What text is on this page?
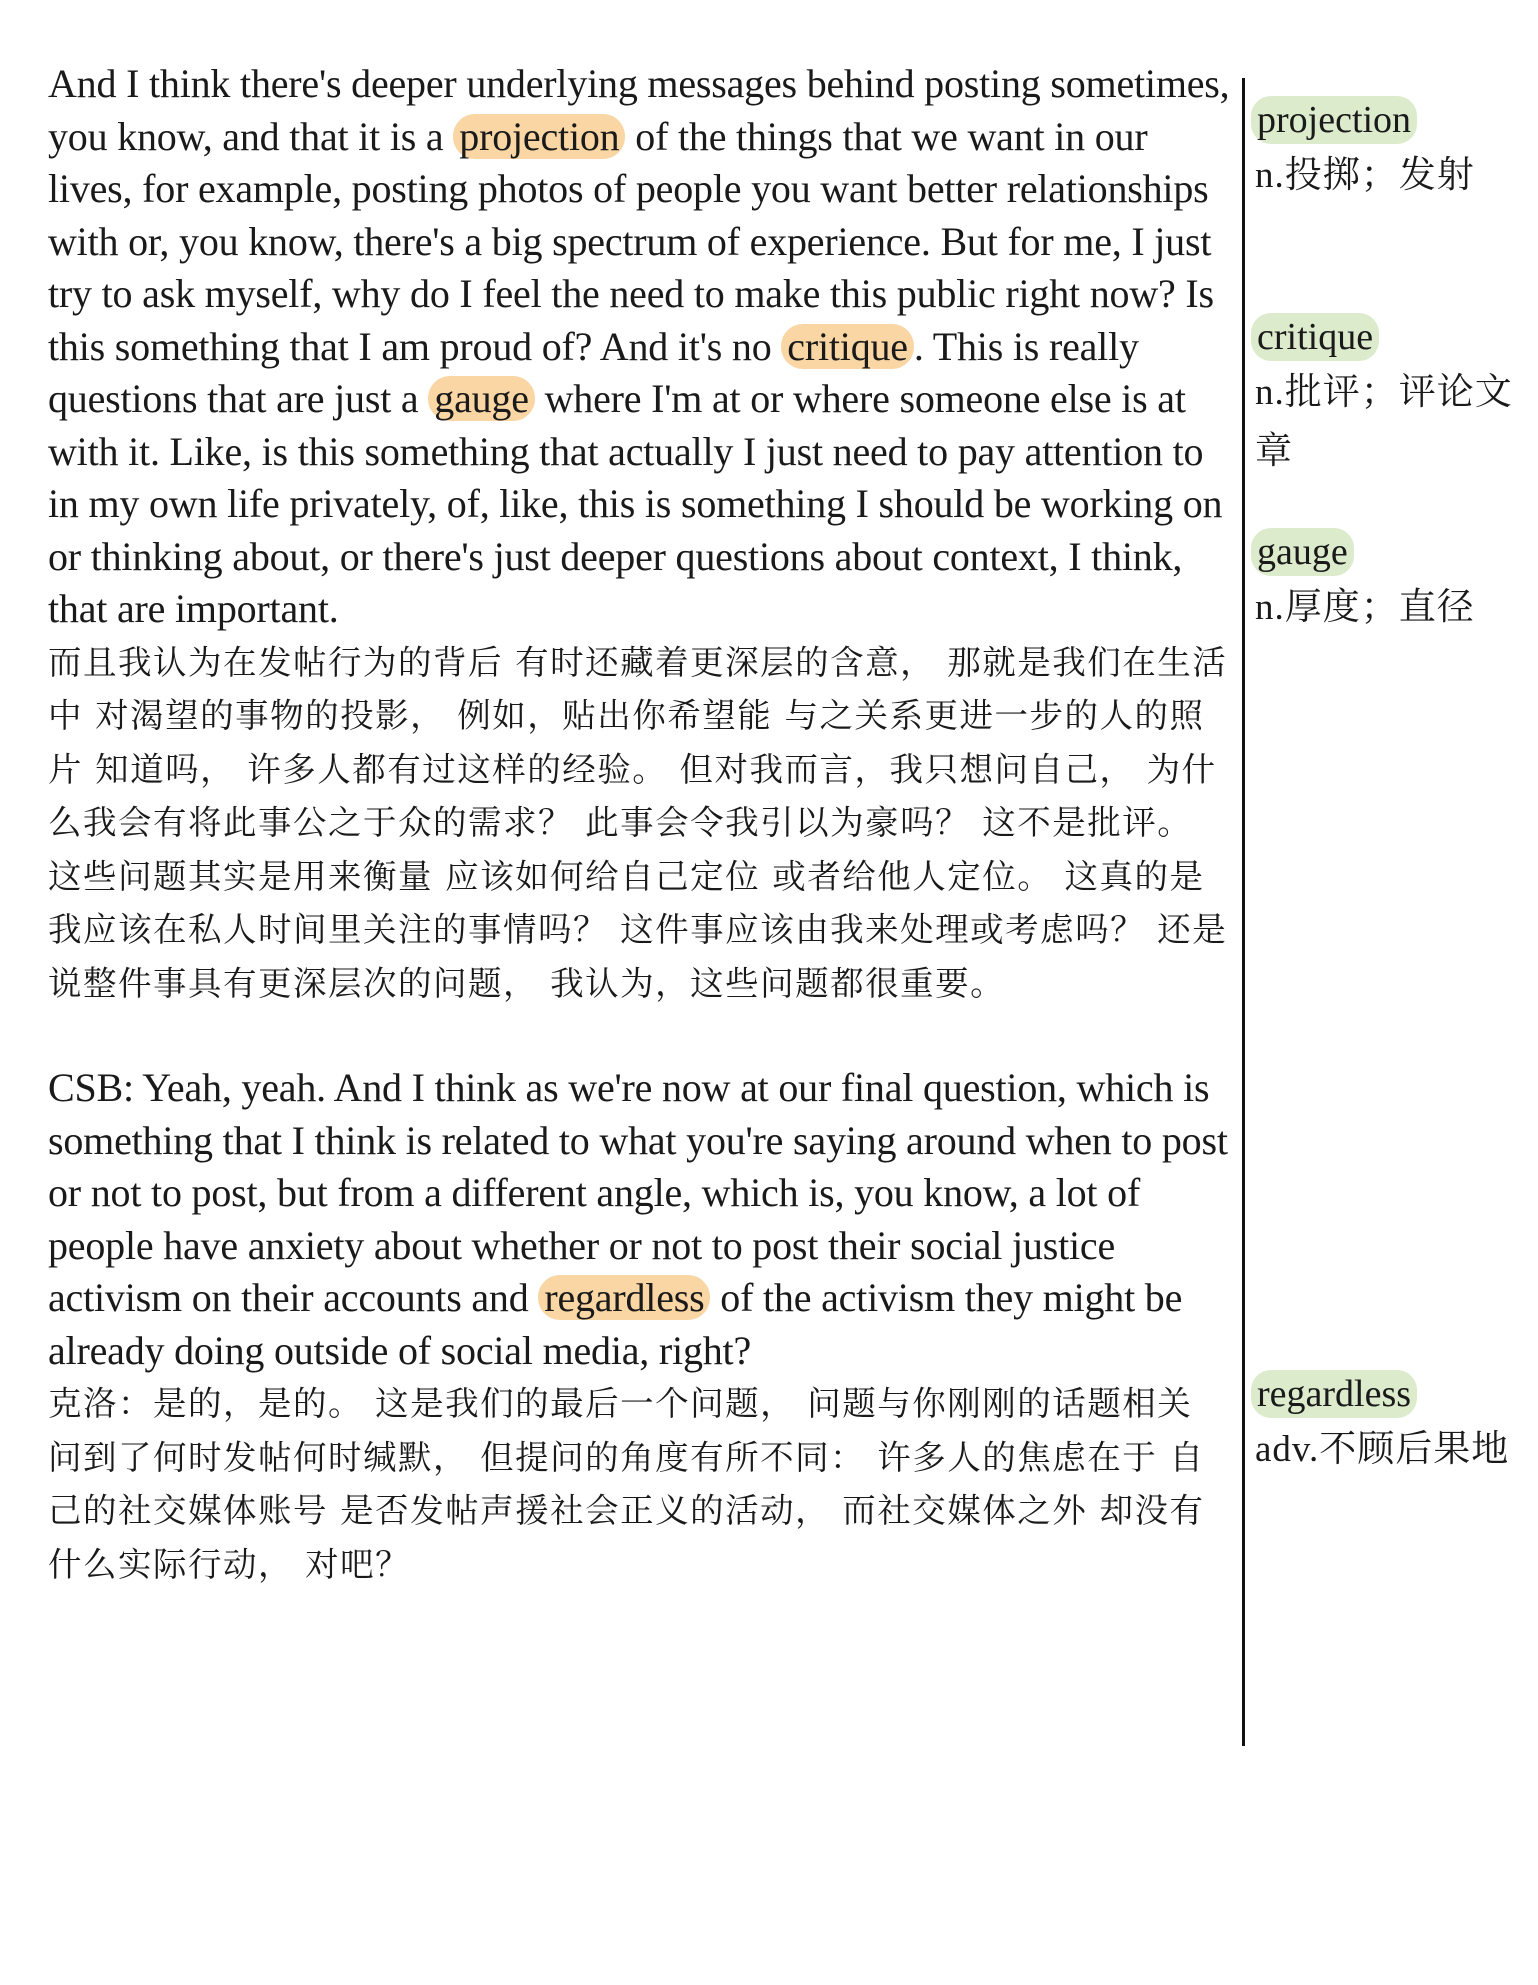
And I think there's deeper underlying messages behind posting sometimes, you know, and that it is a projection of the things that we want in our lives, for example, posting photos of people you want better relationships with or, you know, there's a big spectrum of experience. But for me, I just try to ask myself, why do I feel the need to make this public right now? Is this something that I am proud of? And it's no critique . This is really questions that are just a gauge where I'm at or where someone else is at with it. Like, is this something that actually I just need to pay attention to in my own life privately, of, like, this is something I should be working on or thinking about, or there's just deeper questions about context, I think, that are important.

而且我认为在发帖行为的背后 有时还藏着更深层的含意， 那就是我们在生活中 对渴望的事物的投影， 例如，贴出你希望能 与之关系更进一步的人的照片 知道吗， 许多人都有过这样的经验。 但对我而言，我只想问自己， 为什么我会有将此事公之于众的需求？ 此事会令我引以为豪吗？ 这不是批评。 这些问题其实是用来衡量 应该如何给自己定位 或者给他人定位。 这真的是 我应该在私人时间里关注的事情吗？ 这件事应该由我来处理或考虑吗？ 还是说整件事具有更深层次的问题， 我认为，这些问题都很重要。

CSB: Yeah, yeah. And I think as we're now at our final question, which is something that I think is related to what you're saying around when to post or not to post, but from a different angle, which is, you know, a lot of people have anxiety about whether or not to post their social justice activism on their accounts and regardless of the activism they might be already doing outside of social media, right?

克洛：是的，是的。 这是我们的最后一个问题， 问题与你刚刚的话题相关 问到了何时发帖何时缄默， 但提问的角度有所不同： 许多人的焦虑在于 自己的社交媒体账号 是否发帖声援社会正义的活动， 而社交媒体之外 却没有什么实际行动， 对吧？

projection
n.投掷；发射
critique
n.批评；评论文章
gauge
n.厚度；直径
regardless
adv.不顾后果地
